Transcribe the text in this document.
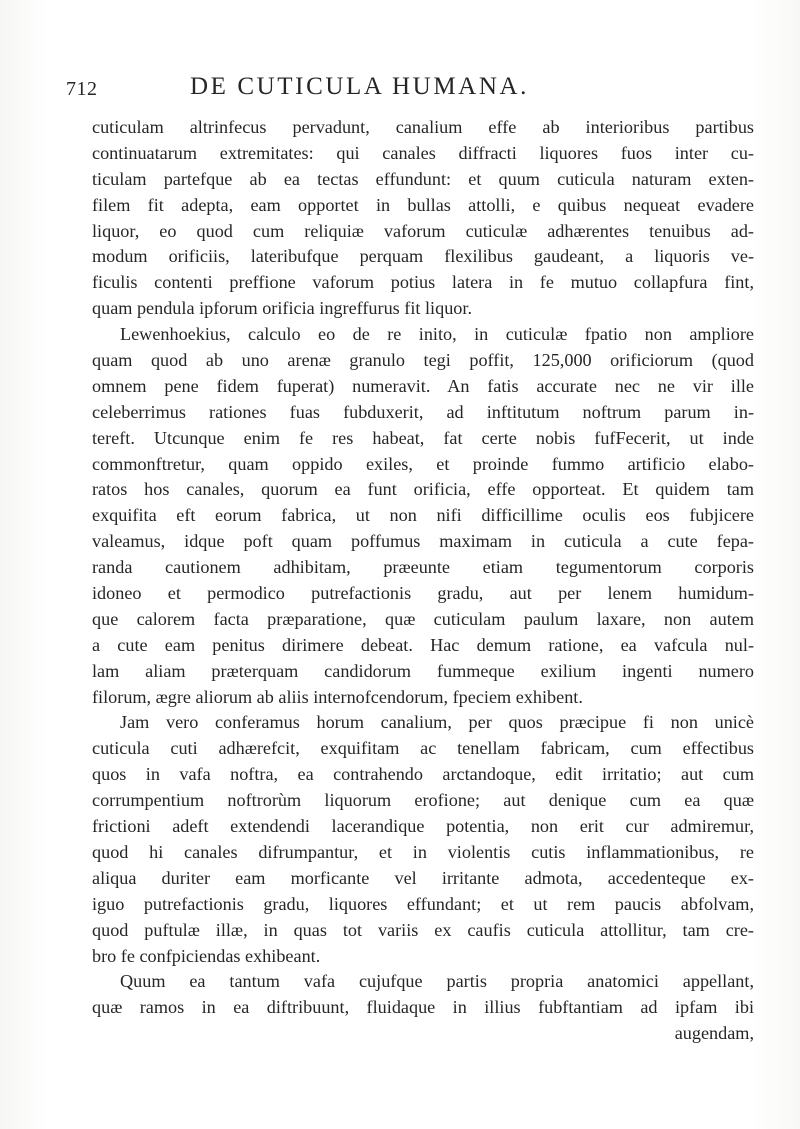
712	DE CUTICULA HUMANA.
cuticulam altrinfecus pervadunt, canalium effe ab interioribus partibus
continuatarum extremitates: qui canales diffracti liquores fuos inter cu-
ticulam partefque ab ea tectas effundunt: et quum cuticula naturam exten-
filem fit adepta, eam opportet in bullas attolli, e quibus nequeat evadere
liquor, eo quod cum reliquiæ vaforum cuticulæ adhærentes tenuibus ad-
modum orificiis, lateribufque perquam flexilibus gaudeant, a liquoris ve-
ficulis contenti preffione vaforum potius latera in fe mutuo collapfura fint,
quam pendula ipforum orificia ingreffurus fit liquor.
Lewenhoekius, calculo eo de re inito, in cuticulæ fpatio non ampliore
quam quod ab uno arenæ granulo tegi poffit, 125,000 orificiorum (quod
omnem pene fidem fuperat) numeravit. An fatis accurate nec ne vir ille
celeberrimus rationes fuas fubduxerit, ad inftitutum noftrum parum in-
tereft. Utcunque enim fe res habeat, fat certe nobis fufFecerit, ut inde
commonftretur, quam oppido exiles, et proinde fummo artificio elabo-
ratos hos canales, quorum ea funt orificia, effe opporteat. Et quidem tam
exquifita eft eorum fabrica, ut non nifi difficillime oculis eos fubjicere
valeamus, idque poft quam poffumus maximam in cuticula a cute fepa-
randa cautionem adhibitam, præeunte etiam tegumentorum corporis
idoneo et permodico putrefactionis gradu, aut per lenem humidum-
que calorem facta præparatione, quæ cuticulam paulum laxare, non autem
a cute eam penitus dirimere debeat. Hac demum ratione, ea vafcula nul-
lam aliam præterquam candidorum fummeque exilium ingenti numero
filorum, ægre aliorum ab aliis internofcendorum, fpeciem exhibent.
Jam vero conferamus horum canalium, per quos præcipue fi non unicè
cuticula cuti adhærefcit, exquifitam ac tenellam fabricam, cum effectibus
quos in vafa noftra, ea contrahendo arctandoque, edit irritatio; aut cum
corrumpentium noftrorùm liquorum erofione; aut denique cum ea quæ
frictioni adeft extendendi lacerandique potentia, non erit cur admiremur,
quod hi canales difrumpantur, et in violentis cutis inflammationibus, re
aliqua duriter eam morficante vel irritante admota, accedenteque ex-
iguo putrefactionis gradu, liquores effundant; et ut rem paucis abfolvam,
quod puftulæ illæ, in quas tot variis ex caufis cuticula attollitur, tam cre-
bro fe confpiciendas exhibeant.
Quum ea tantum vafa cujufque partis propria anatomici appellant,
quæ ramos in ea diftribuunt, fluidaque in illius fubftantiam ad ipfam ibi
augendam,
